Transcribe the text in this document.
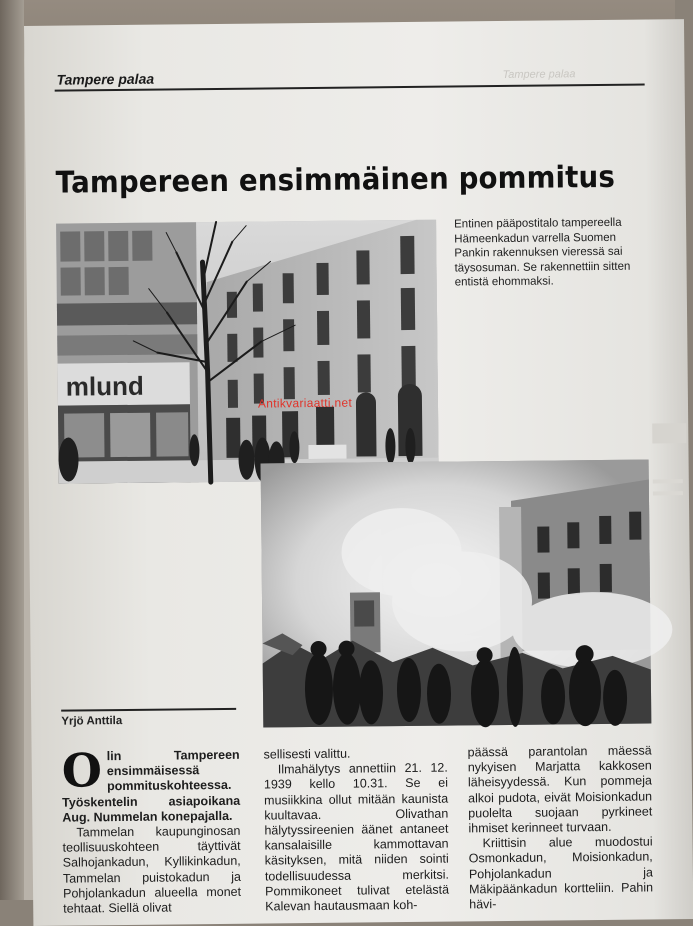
Tampere palaa	Tampere palaa
Tampereen ensimmäinen pommitus
mlund
Entinen pääpostitalo tampereella Hämeenkadun varrella Suomen Pankin rakennuksen vieressä sai täysosuman. Se rakennettiin sitten entistä ehommaksi.
Antikvariaatti.net
Yrjö Anttila

Olin Tampereen ensimmäisessä pommituskohteessa. Työskentelin asiapoikana Aug. Nummelan konepajalla.

Tammelan kaupunginosan teollisuuskohteen täyttivät Salhojankadun, Kyllikinkadun, Tammelan puistokadun ja Pohjolankadun alueella monet tehtaat. Siellä olivat

sellisesti valittu.

Ilmahälytys annettiin 21. 12. 1939 kello 10.31. Se ei musiikkina ollut mitään kaunista kuultavaa. Olivathan hälytyssireenien äänet antaneet kansalaisille kammottavan käsityksen, mitä niiden sointi todellisuudessa merkitsi. Pommikoneet tulivat etelästä Kalevan hautausmaan koh-

päässä parantolan mäessä nykyisen Marjatta kakkosen läheisyydessä. Kun pommeja alkoi pudota, eivät Moisionkadun puolelta suojaan pyrkineet ihmiset kerinneet turvaan.

Kriittisin alue muodostui Osmonkadun, Moisionkadun, Pohjolankadun ja Mäkipäänkadun kortteliin. Pahin hävi-
